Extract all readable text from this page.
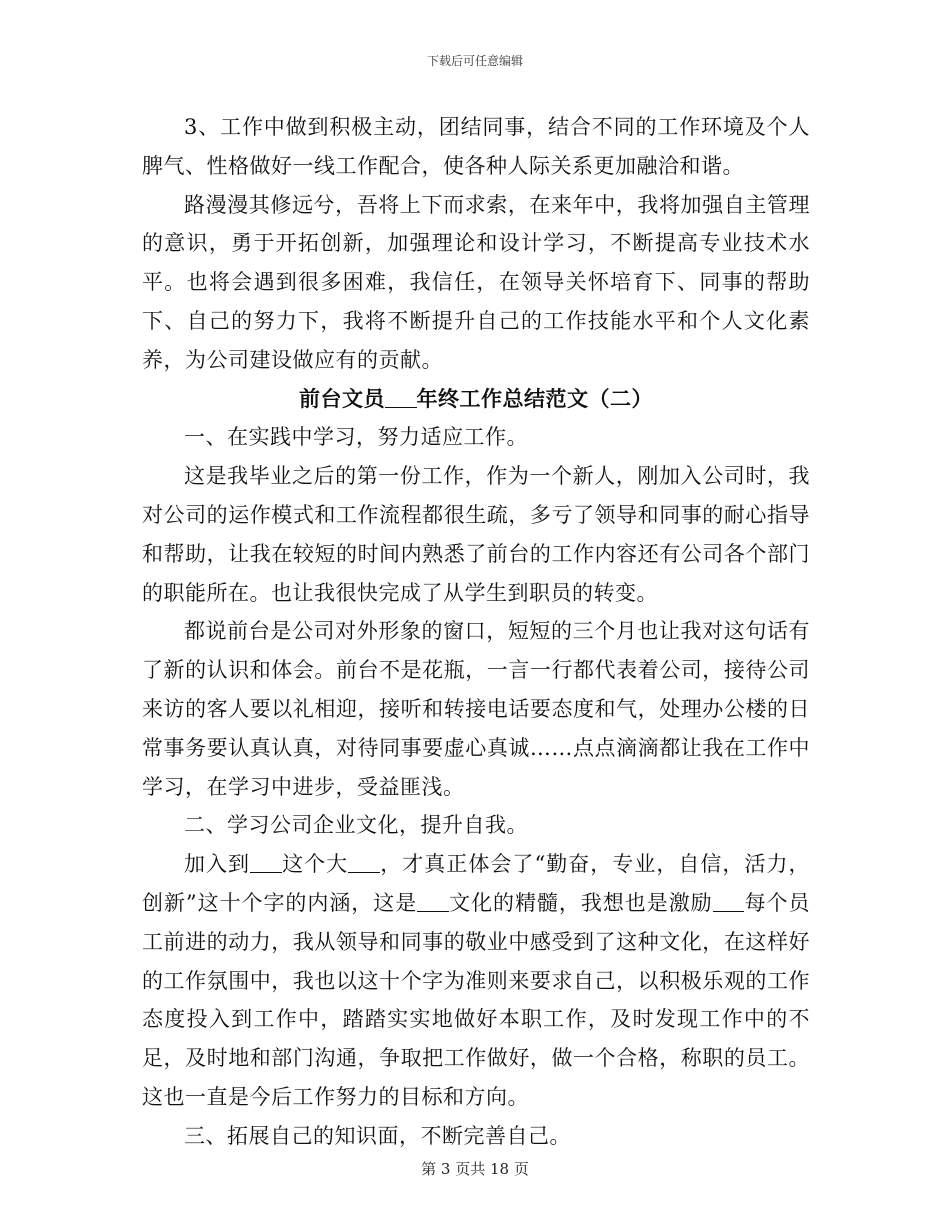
下载后可任意编辑

3、工作中做到积极主动，团结同事，结合不同的工作环境及个人脾气、性格做好一线工作配合，使各种人际关系更加融洽和谐。

路漫漫其修远兮，吾将上下而求索，在来年中，我将加强自主管理的意识，勇于开拓创新，加强理论和设计学习，不断提高专业技术水平。也将会遇到很多困难，我信任，在领导关怀培育下、同事的帮助下、自己的努力下，我将不断提升自己的工作技能水平和个人文化素养，为公司建设做应有的贡献。

前台文员 年终工作总结范文（二）

一、在实践中学习，努力适应工作。

这是我毕业之后的第一份工作，作为一个新人，刚加入公司时，我对公司的运作模式和工作流程都很生疏，多亏了领导和同事的耐心指导和帮助，让我在较短的时间内熟悉了前台的工作内容还有公司各个部门的职能所在。也让我很快完成了从学生到职员的转变。

都说前台是公司对外形象的窗口，短短的三个月也让我对这句话有了新的认识和体会。前台不是花瓶，一言一行都代表着公司，接待公司来访的客人要以礼相迎，接听和转接电话要态度和气，处理办公楼的日常事务要认真认真，对待同事要虚心真诚……点点滴滴都让我在工作中学习，在学习中进步，受益匪浅。

二、学习公司企业文化，提升自我。

加入到 这个大 ，才真正体会了“勤奋，专业，自信，活力，创新”这十个字的内涵，这是 文化的精髓，我想也是激励 每个员工前进的动力，我从领导和同事的敬业中感受到了这种文化，在这样好的工作氛围中，我也以这十个字为准则来要求自己，以积极乐观的工作态度投入到工作中，踏踏实实地做好本职工作，及时发现工作中的不足，及时地和部门沟通，争取把工作做好，做一个合格，称职的员工。这也一直是今后工作努力的目标和方向。

三、拓展自己的知识面，不断完善自己。

第 3 页共 18 页
